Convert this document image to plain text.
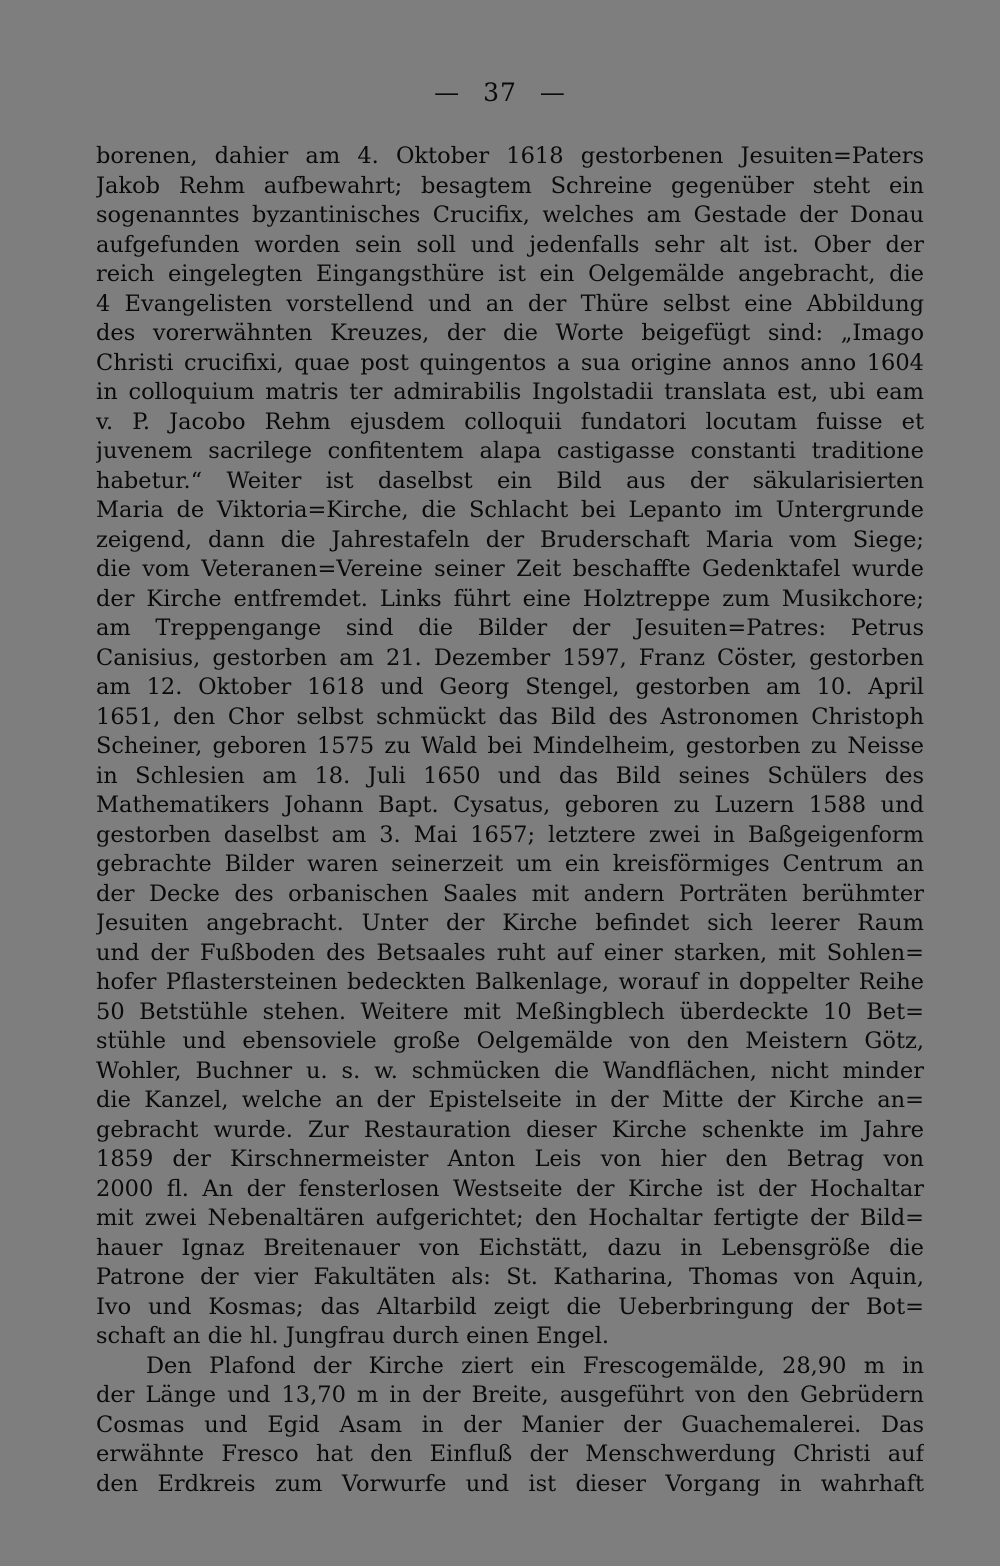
— 37 —
borenen, dahier am 4. Oktober 1618 gestorbenen Jesuiten=Paters
Jakob Rehm aufbewahrt; besagtem Schreine gegenüber steht ein
sogenanntes byzantinisches Crucifix, welches am Gestade der Donau
aufgefunden worden sein soll und jedenfalls sehr alt ist. Ober der
reich eingelegten Eingangsthüre ist ein Oelgemälde angebracht, die
4 Evangelisten vorstellend und an der Thüre selbst eine Abbildung
des vorerwähnten Kreuzes, der die Worte beigefügt sind: „Imago
Christi crucifixi, quae post quingentos a sua origine annos anno 1604
in colloquium matris ter admirabilis Ingolstadii translata est, ubi eam
v. P. Jacobo Rehm ejusdem colloquii fundatori locutam fuisse et
juvenem sacrilege confitentem alapa castigasse constanti traditione
habetur.“ Weiter ist daselbst ein Bild aus der säkularisierten
Maria de Viktoria=Kirche, die Schlacht bei Lepanto im Untergrunde
zeigend, dann die Jahrestafeln der Bruderschaft Maria vom Siege;
die vom Veteranen=Vereine seiner Zeit beschaffte Gedenktafel wurde
der Kirche entfremdet. Links führt eine Holztreppe zum Musikchore;
am Treppengange sind die Bilder der Jesuiten=Patres: Petrus
Canisius, gestorben am 21. Dezember 1597, Franz Cöster, gestorben
am 12. Oktober 1618 und Georg Stengel, gestorben am 10. April
1651, den Chor selbst schmückt das Bild des Astronomen Christoph
Scheiner, geboren 1575 zu Wald bei Mindelheim, gestorben zu Neisse
in Schlesien am 18. Juli 1650 und das Bild seines Schülers des
Mathematikers Johann Bapt. Cysatus, geboren zu Luzern 1588 und
gestorben daselbst am 3. Mai 1657; letztere zwei in Baßgeigenform
gebrachte Bilder waren seinerzeit um ein kreisförmiges Centrum an
der Decke des orbanischen Saales mit andern Porträten berühmter
Jesuiten angebracht. Unter der Kirche befindet sich leerer Raum
und der Fußboden des Betsaales ruht auf einer starken, mit Sohlen=
hofer Pflastersteinen bedeckten Balkenlage, worauf in doppelter Reihe
50 Betstühle stehen. Weitere mit Meßingblech überdeckte 10 Bet=
stühle und ebensoviele große Oelgemälde von den Meistern Götz,
Wohler, Buchner u. s. w. schmücken die Wandflächen, nicht minder
die Kanzel, welche an der Epistelseite in der Mitte der Kirche an=
gebracht wurde. Zur Restauration dieser Kirche schenkte im Jahre
1859 der Kirschnermeister Anton Leis von hier den Betrag von
2000 fl. An der fensterlosen Westseite der Kirche ist der Hochaltar
mit zwei Nebenaltären aufgerichtet; den Hochaltar fertigte der Bild=
hauer Ignaz Breitenauer von Eichstätt, dazu in Lebensgröße die
Patrone der vier Fakultäten als: St. Katharina, Thomas von Aquin,
Ivo und Kosmas; das Altarbild zeigt die Ueberbringung der Bot=
schaft an die hl. Jungfrau durch einen Engel.
Den Plafond der Kirche ziert ein Frescogemälde, 28,90 m in
der Länge und 13,70 m in der Breite, ausgeführt von den Gebrüdern
Cosmas und Egid Asam in der Manier der Guachemalerei. Das
erwähnte Fresco hat den Einfluß der Menschwerdung Christi auf
den Erdkreis zum Vorwurfe und ist dieser Vorgang in wahrhaft
